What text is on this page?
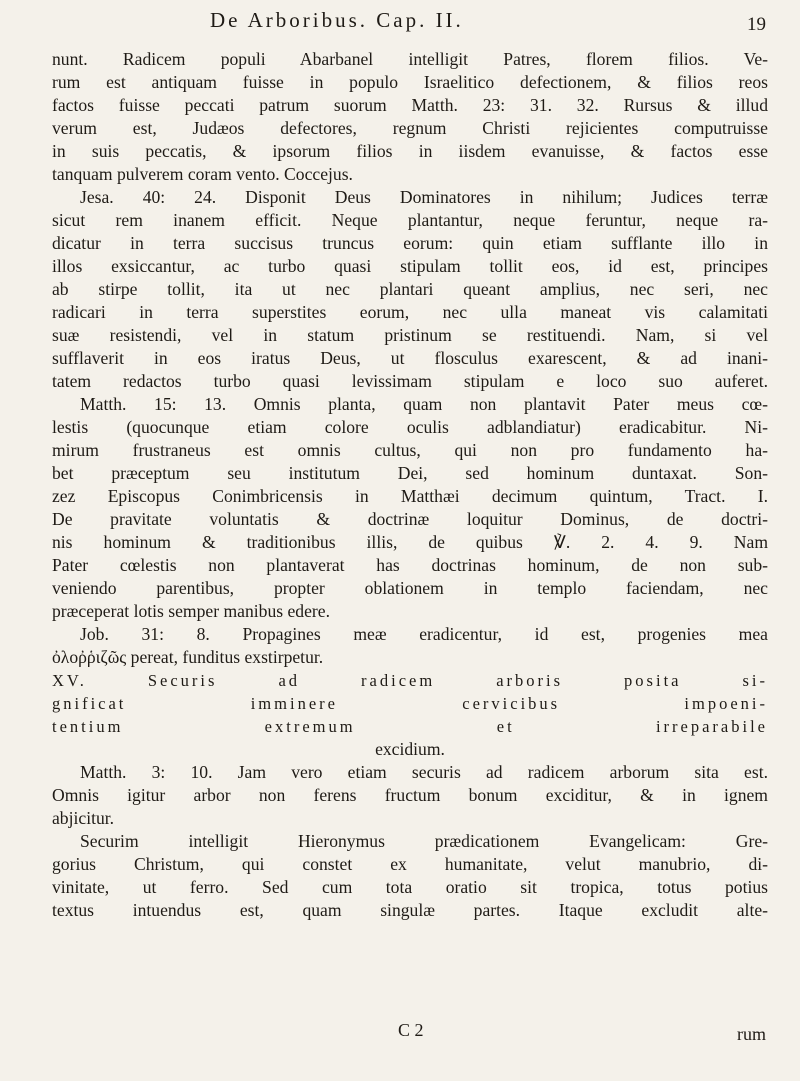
De Arboribus. Cap. II.	19
nunt. Radicem populi Abarbanel intelligit Patres, florem filios. Ve-
rum est antiquam fuisse in populo Israelitico defectionem, & filios reos
factos fuisse peccati patrum suorum Matth. 23: 31. 32. Rursus & illud
verum est, Judæos defectores, regnum Christi rejicientes computruisse
in suis peccatis, & ipsorum filios in iisdem evanuisse, & factos esse
tanquam pulverem coram vento. Coccejus.
Jesa. 40: 24. Disponit Deus Dominatores in nihilum; Judices terræ
sicut rem inanem efficit. Neque plantantur, neque feruntur, neque ra-
dicatur in terra succisus truncus eorum: quin etiam sufflante illo in
illos exsiccantur, ac turbo quasi stipulam tollit eos, id est, principes
ab stirpe tollit, ita ut nec plantari queant amplius, nec seri, nec
radicari in terra superstites eorum, nec ulla maneat vis calamitati
suæ resistendi, vel in statum pristinum se restituendi. Nam, si vel
sufflaverit in eos iratus Deus, ut flosculus exarescent, & ad inani-
tatem redactos turbo quasi levissimam stipulam e loco suo auferet.
Matth. 15: 13. Omnis planta, quam non plantavit Pater meus cœ-
lestis (quocunque etiam colore oculis adblandiatur) eradicabitur. Ni-
mirum frustraneus est omnis cultus, qui non pro fundamento ha-
bet præceptum seu institutum Dei, sed hominum duntaxat. Son-
zez Episcopus Conimbricensis in Matthæi decimum quintum, Tract. I.
De pravitate voluntatis & doctrinæ loquitur Dominus, de doctri-
nis hominum & traditionibus illis, de quibus ℣. 2. 4. 9. Nam
Pater cœlestis non plantaverat has doctrinas hominum, de non sub-
veniendo parentibus, propter oblationem in templo faciendam, nec
præceperat lotis semper manibus edere.
Job. 31: 8. Propagines meæ eradicentur, id est, progenies mea
ὀλοῤῥιζῶς pereat, funditus exstirpetur.
XV. Securis ad radicem arboris posita si-
gnificat imminere cervicibus impoeni-
tentium extremum et irreparabile
excidium.
Matth. 3: 10. Jam vero etiam securis ad radicem arborum sita est.
Omnis igitur arbor non ferens fructum bonum exciditur, & in ignem
abjicitur.
Securim intelligit Hieronymus prædicationem Evangelicam: Gre-
gorius Christum, qui constet ex humanitate, velut manubrio, di-
vinitate, ut ferro. Sed cum tota oratio sit tropica, totus potius
textus intuendus est, quam singulæ partes. Itaque excludit alte-
C 2	rum
